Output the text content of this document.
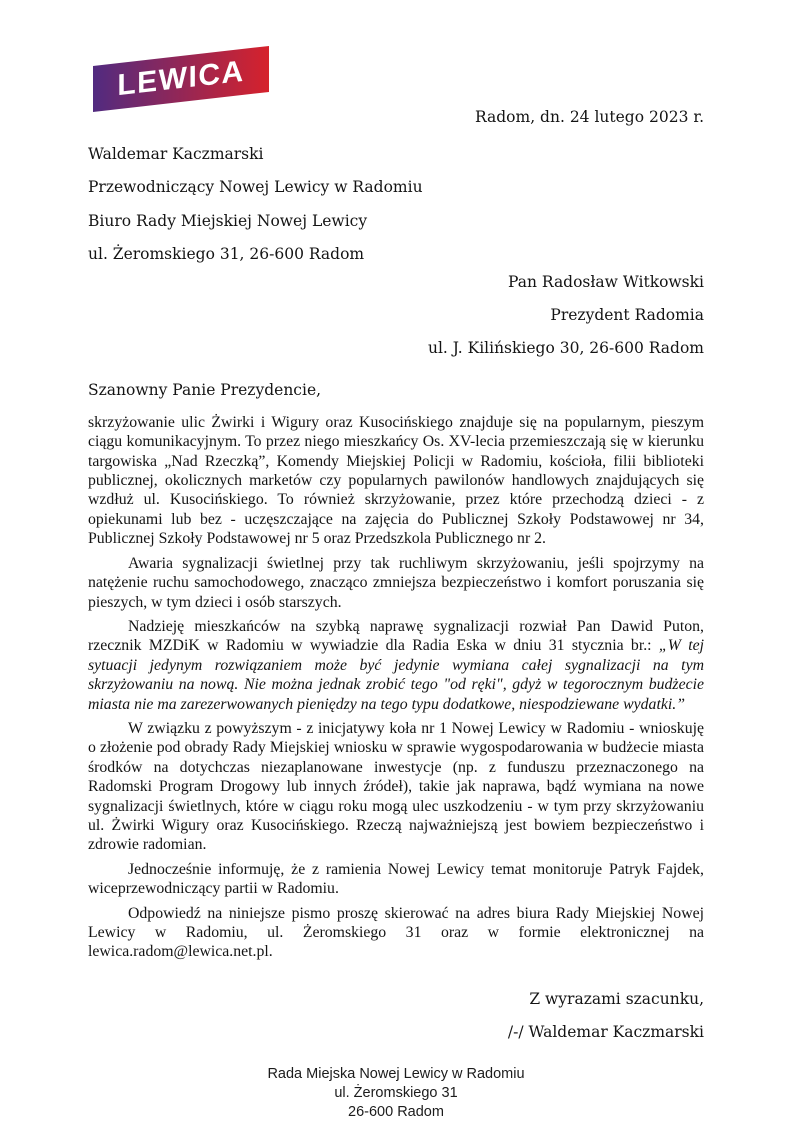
LEWICA
Radom, dn. 24 lutego 2023 r.
Waldemar Kaczmarski
Przewodniczący Nowej Lewicy w Radomiu
Biuro Rady Miejskiej Nowej Lewicy
ul. Żeromskiego 31, 26-600 Radom
Pan Radosław Witkowski
Prezydent Radomia
ul. J. Kilińskiego 30, 26-600 Radom
Szanowny Panie Prezydencie,

skrzyżowanie ulic Żwirki i Wigury oraz Kusocińskiego znajduje się na popularnym, pieszym ciągu komunikacyjnym. To przez niego mieszkańcy Os. XV-lecia przemieszczają się w kierunku targowiska „Nad Rzeczką”, Komendy Miejskiej Policji w Radomiu, kościoła, filii biblioteki publicznej, okolicznych marketów czy popularnych pawilonów handlowych znajdujących się wzdłuż ul. Kusocińskiego. To również skrzyżowanie, przez które przechodzą dzieci - z opiekunami lub bez - uczęszczające na zajęcia do Publicznej Szkoły Podstawowej nr 34, Publicznej Szkoły Podstawowej nr 5 oraz Przedszkola Publicznego nr 2.

Awaria sygnalizacji świetlnej przy tak ruchliwym skrzyżowaniu, jeśli spojrzymy na natężenie ruchu samochodowego, znacząco zmniejsza bezpieczeństwo i komfort poruszania się pieszych, w tym dzieci i osób starszych.

Nadzieję mieszkańców na szybką naprawę sygnalizacji rozwiał Pan Dawid Puton, rzecznik MZDiK w Radomiu w wywiadzie dla Radia Eska w dniu 31 stycznia br.: „W tej sytuacji jedynym rozwiązaniem może być jedynie wymiana całej sygnalizacji na tym skrzyżowaniu na nową. Nie można jednak zrobić tego "od ręki", gdyż w tegorocznym budżecie miasta nie ma zarezerwowanych pieniędzy na tego typu dodatkowe, niespodziewane wydatki.”

W związku z powyższym - z inicjatywy koła nr 1 Nowej Lewicy w Radomiu - wnioskuję o złożenie pod obrady Rady Miejskiej wniosku w sprawie wygospodarowania w budżecie miasta środków na dotychczas niezaplanowane inwestycje (np. z funduszu przeznaczonego na Radomski Program Drogowy lub innych źródeł), takie jak naprawa, bądź wymiana na nowe sygnalizacji świetlnych, które w ciągu roku mogą ulec uszkodzeniu - w tym przy skrzyżowaniu ul. Żwirki Wigury oraz Kusocińskiego. Rzeczą najważniejszą jest bowiem bezpieczeństwo i zdrowie radomian.

Jednocześnie informuję, że z ramienia Nowej Lewicy temat monitoruje Patryk Fajdek, wiceprzewodniczący partii w Radomiu.

Odpowiedź na niniejsze pismo proszę skierować na adres biura Rady Miejskiej Nowej Lewicy w Radomiu, ul. Żeromskiego 31 oraz w formie elektronicznej na lewica.radom@lewica.net.pl.

Z wyrazami szacunku,
/-/ Waldemar Kaczmarski
Rada Miejska Nowej Lewicy w Radomiu
ul. Żeromskiego 31
26-600 Radom
